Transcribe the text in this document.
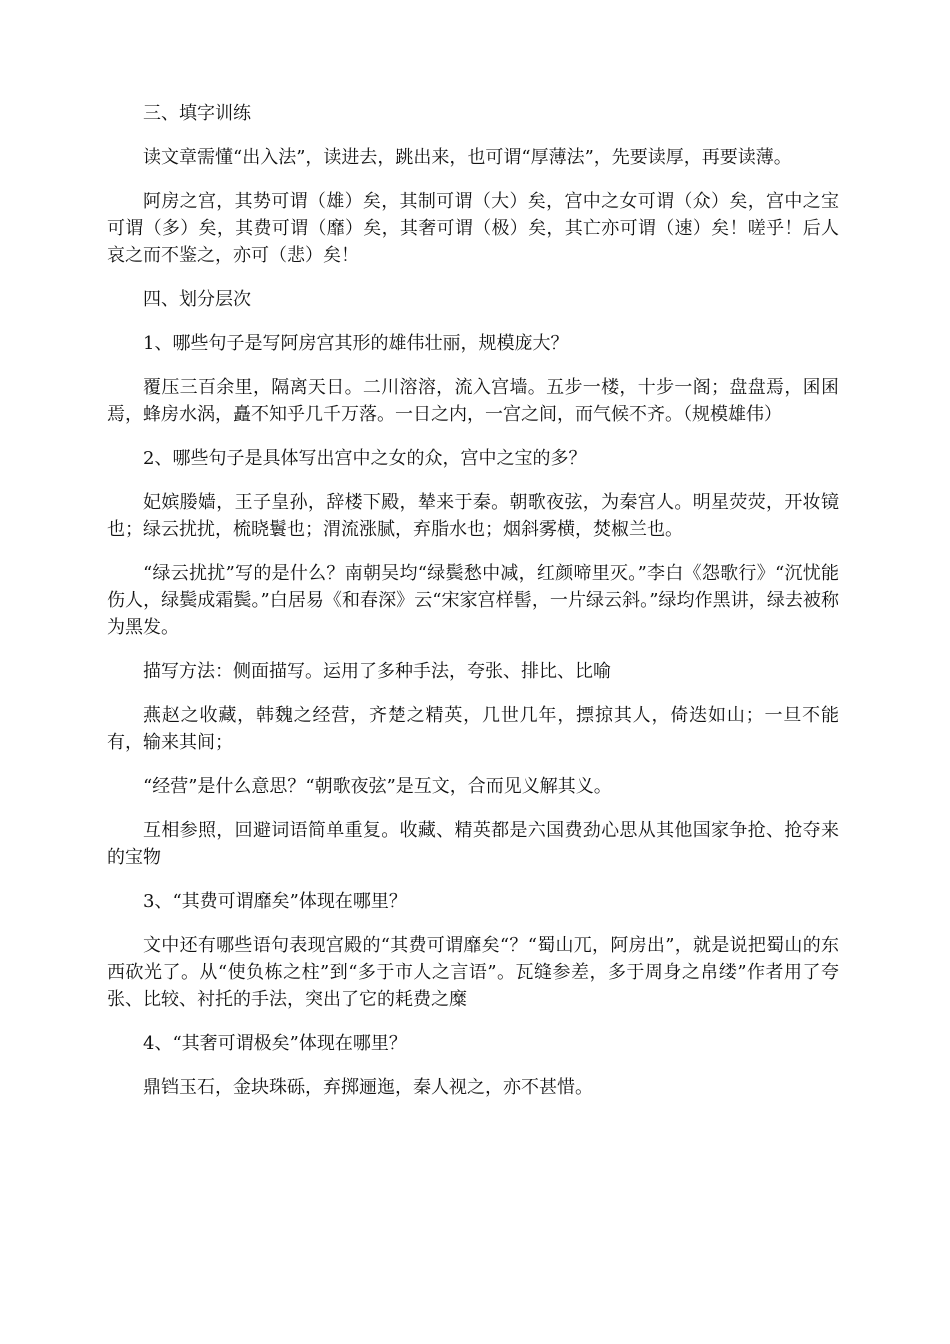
三、填字训练

读文章需懂“出入法”，读进去，跳出来，也可谓“厚薄法”，先要读厚，再要读薄。

阿房之宫，其势可谓（雄）矣，其制可谓（大）矣，宫中之女可谓（众）矣，宫中之宝可谓（多）矣，其费可谓（靡）矣，其奢可谓（极）矣，其亡亦可谓（速）矣！嗟乎！后人哀之而不鉴之，亦可（悲）矣！

四、划分层次

1、哪些句子是写阿房宫其形的雄伟壮丽，规模庞大？

覆压三百余里，隔离天日。二川溶溶，流入宫墙。五步一楼，十步一阁；盘盘焉，囷囷焉，蜂房水涡，矗不知乎几千万落。一日之内，一宫之间，而气候不齐。（规模雄伟）

2、哪些句子是具体写出宫中之女的众，宫中之宝的多？

妃嫔媵嫱，王子皇孙，辞楼下殿，辇来于秦。朝歌夜弦，为秦宫人。明星荧荧，开妆镜也；绿云扰扰，梳晓鬟也；渭流涨腻，弃脂水也；烟斜雾横，焚椒兰也。

“绿云扰扰”写的是什么？南朝吴均“绿鬓愁中减，红颜啼里灭。”李白《怨歌行》“沉忧能伤人，绿鬓成霜鬓。”白居易《和春深》云“宋家宫样髻，一片绿云斜。”绿均作黑讲，绿去被称为黑发。

描写方法：侧面描写。运用了多种手法，夸张、排比、比喻

燕赵之收藏，韩魏之经营，齐楚之精英，几世几年，摽掠其人，倚迭如山；一旦不能有，输来其间；

“经营”是什么意思？“朝歌夜弦”是互文，合而见义解其义。

互相参照，回避词语简单重复。收藏、精英都是六国费劲心思从其他国家争抢、抢夺来的宝物

3、“其费可谓靡矣”体现在哪里？

文中还有哪些语句表现宫殿的“其费可谓靡矣“？“蜀山兀，阿房出”，就是说把蜀山的东西砍光了。从“使负栋之柱”到“多于市人之言语”。瓦缝参差，多于周身之帛缕”作者用了夸张、比较、衬托的手法，突出了它的耗费之糜

4、“其奢可谓极矣”体现在哪里？

鼎铛玉石，金块珠砾，弃掷逦迤，秦人视之，亦不甚惜。
